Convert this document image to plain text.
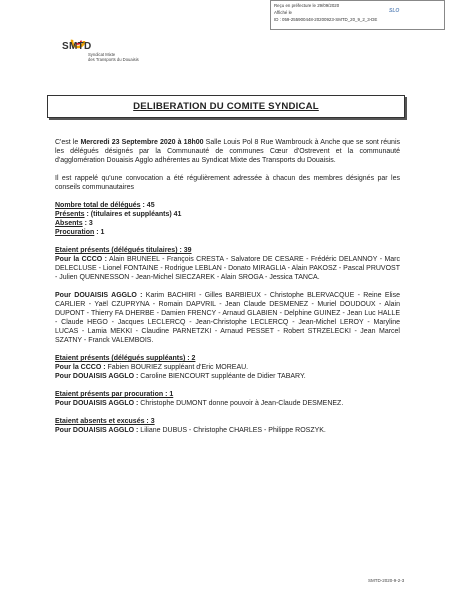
Reçu en préfecture le 29/09/2020
Affiché le
ID : 059-255900448-20200923-SMTD_20_9_2_3-DE
SLO
SMTD
Syndicat Mixte
des Transports du Douaisis
DELIBERATION DU COMITE SYNDICAL

C'est le Mercredi 23 Septembre 2020 à 18h00 Salle Louis Pol 8 Rue Wambrouck à Anche que se sont réunis les délégués désignés par la Communauté de communes Cœur d'Ostrevent et la communauté d'agglomération Douaisis Agglo adhérentes au Syndicat Mixte des Transports du Douaisis.

Il est rappelé qu'une convocation a été régulièrement adressée à chacun des membres désignés par les conseils communautaires

Nombre total de délégués : 45

Présents : (titulaires et suppléants) 41

Absents : 3

Procuration : 1

Etaient présents (délégués titulaires) : 39

Pour la CCCO : Alain BRUNEEL - François CRESTA - Salvatore DE CESARE - Frédéric DELANNOY - Marc DELECLUSE - Lionel FONTAINE - Rodrigue LEBLAN - Donato MIRAGLIA - Alain PAKOSZ - Pascal PRUVOST - Julien QUENNESSON - Jean-Michel SIECZAREK - Alain SROGA - Jessica TANCA.

Pour DOUAISIS AGGLO : Karim BACHIRI - Gilles BARBIEUX - Christophe BLERVACQUE - Reine Elise CARLIER - Yaël CZUPRYNA - Romain DAPVRIL - Jean Claude DESMENEZ - Muriel DOUDOUX - Alain DUPONT - Thierry FA DHERBE - Damien FRENCY - Arnaud GLABIEN - Delphine GUINEZ - Jean Luc HALLE - Claude HEGO - Jacques LECLERCQ - Jean-Christophe LECLERCQ - Jean-Michel LEROY - Maryline LUCAS - Lamia MEKKI - Claudine PARNETZKI - Arnaud PESSET - Robert STRZELECKI - Jean Marcel SZATNY - Franck VALEMBOIS.

Etaient présents (délégués suppléants) : 2

Pour la CCCO : Fabien BOURIEZ suppléant d'Eric MOREAU.

Pour DOUAISIS AGGLO : Caroline BIENCOURT suppléante de Didier TABARY.

Etaient présents par procuration : 1

Pour DOUAISIS AGGLO : Christophe DUMONT donne pouvoir à Jean-Claude DESMENEZ.

Etaient absents et excusés : 3

Pour DOUAISIS AGGLO : Liliane DUBUS - Christophe CHARLES - Philippe ROSZYK.

SMTD-2020-9-2-3
